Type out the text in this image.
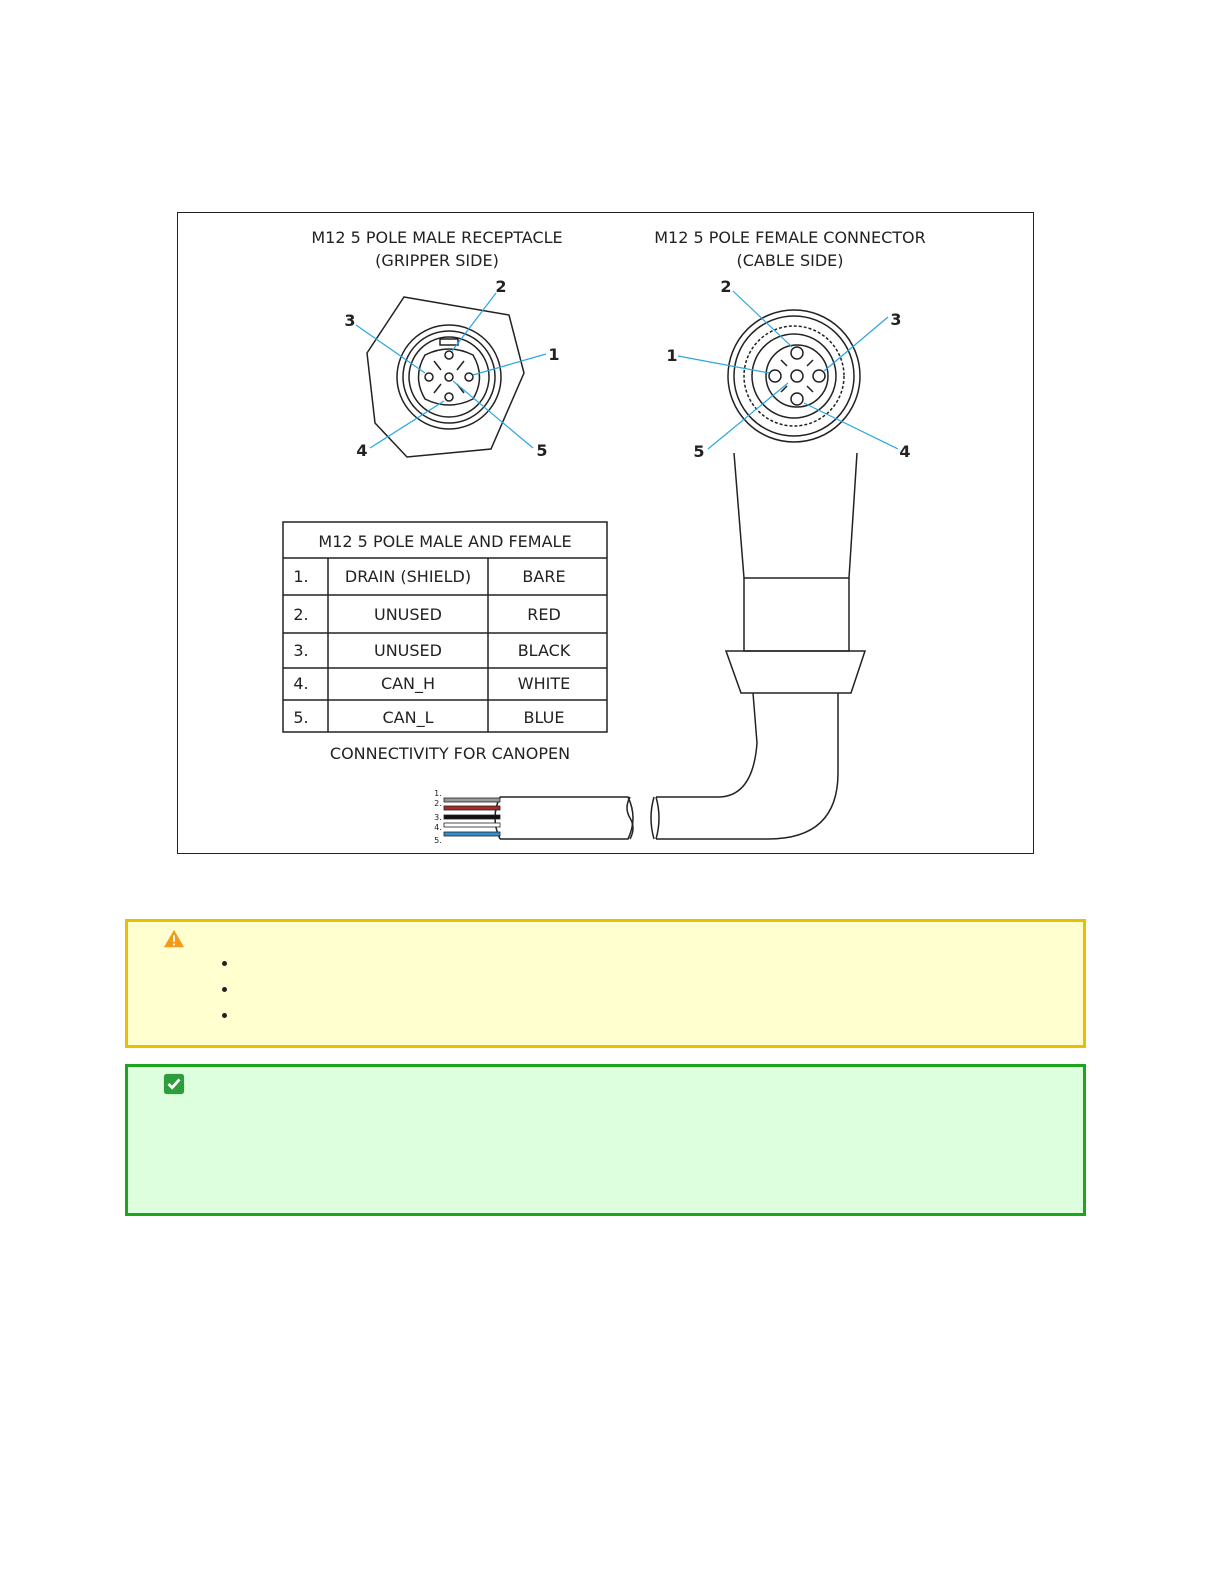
M12 5 POLE MALE RECEPTACLE
(GRIPPER SIDE)
M12 5 POLE FEMALE CONNECTOR
(CABLE SIDE)
2
3
1
4	5
2
3
1
5	4
M12 5 POLE MALE AND FEMALE
1. DRAIN (SHIELD)	BARE
2.	UNUSED	RED
3.	UNUSED	BLACK
4.	CAN_H	WHITE
5.	CAN_L	BLUE
CONNECTIVITY FOR CANOPEN
1.
2.
3.
4.
5.
